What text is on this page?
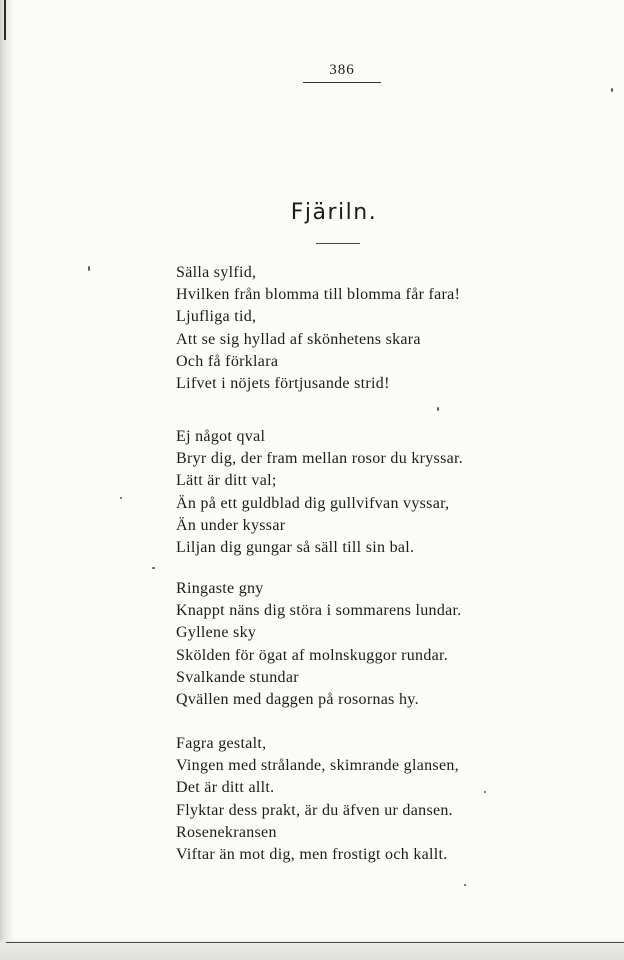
386
Fjäriln.
Sälla sylfid,
Hvilken från blomma till blomma får fara!
Ljufliga tid,
Att se sig hyllad af skönhetens skara
Och få förklara
Lifvet i nöjets förtjusande strid!
Ej något qval
Bryr dig, der fram mellan rosor du kryssar.
Lätt är ditt val;
Än på ett guldblad dig gullvifvan vyssar,
Än under kyssar
Liljan dig gungar så säll till sin bal.
Ringaste gny
Knappt näns dig störa i sommarens lundar.
Gyllene sky
Skölden för ögat af molnskuggor rundar.
Svalkande stundar
Qvällen med daggen på rosornas hy.
Fagra gestalt,
Vingen med strålande, skimrande glansen,
Det är ditt allt.
Flyktar dess prakt, är du äfven ur dansen.
Rosenekransen
Viftar än mot dig, men frostigt och kallt.
